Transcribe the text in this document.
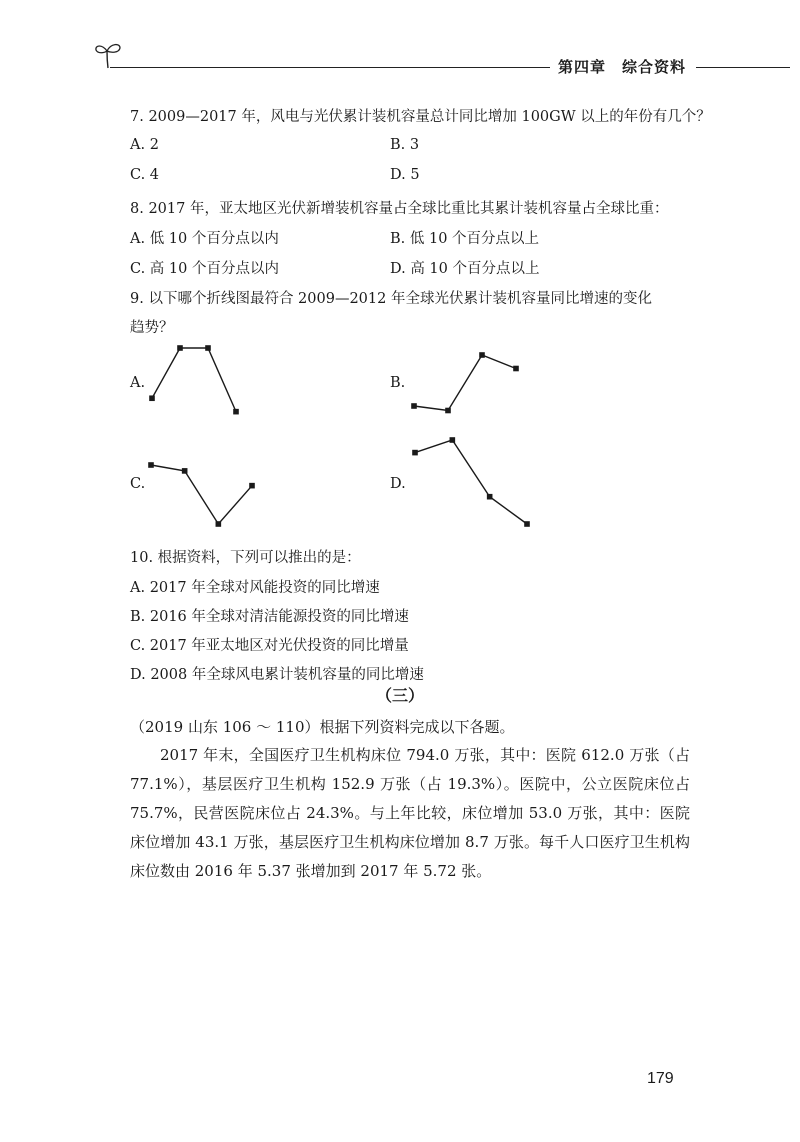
第四章　综合资料
7. 2009—2017 年，风电与光伏累计装机容量总计同比增加 100GW 以上的年份有几个？
A. 2	B. 3
C. 4	D. 5
8. 2017 年，亚太地区光伏新增装机容量占全球比重比其累计装机容量占全球比重：
A. 低 10 个百分点以内	B. 低 10 个百分点以上
C. 高 10 个百分点以内	D. 高 10 个百分点以上
9. 以下哪个折线图最符合 2009—2012 年全球光伏累计装机容量同比增速的变化
趋势？
A.	B.
C.	D.
10. 根据资料，下列可以推出的是：
A. 2017 年全球对风能投资的同比增速
B. 2016 年全球对清洁能源投资的同比增速
C. 2017 年亚太地区对光伏投资的同比增量
D. 2008 年全球风电累计装机容量的同比增速
（三）
（2019 山东 106 ～ 110）根据下列资料完成以下各题。
2017 年末，全国医疗卫生机构床位 794.0 万张，其中：医院 612.0 万张（占 77.1%），基层医疗卫生机构 152.9 万张（占 19.3%）。医院中，公立医院床位占 75.7%，民营医院床位占 24.3%。与上年比较，床位增加 53.0 万张，其中：医院床位增加 43.1 万张，基层医疗卫生机构床位增加 8.7 万张。每千人口医疗卫生机构床位数由 2016 年 5.37 张增加到 2017 年 5.72 张。
179
